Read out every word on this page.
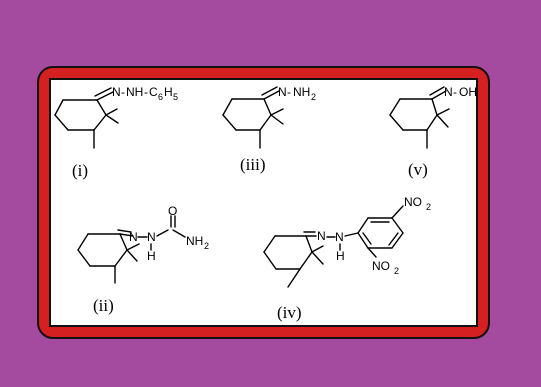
N - NH - C 6 H 5
(i)
N - NH 2
(iii)
N - OH
(v)
N N
H
O
NH 2
(ii)
N N
H
NO 2
NO 2
(iv)
